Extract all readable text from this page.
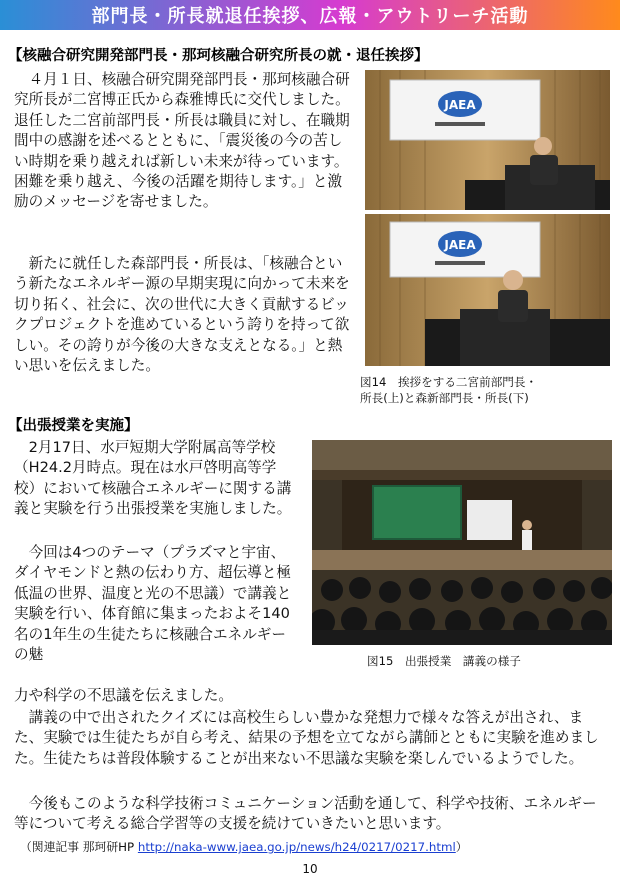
部門長・所長就退任挨拶、広報・アウトリーチ活動
【核融合研究開発部門長・那珂核融合研究所長の就・退任挨拶】
４月１日、核融合研究開発部門長・那珂核融合研究所長が二宮博正氏から森雅博氏に交代しました。退任した二宮前部門長・所長は職員に対し、在職期間中の感謝を述べるとともに、「震災後の今の苦しい時期を乗り越えれば新しい未来が待っています。困難を乗り越え、今後の活躍を期待します。」と激励のメッセージを寄せました。
新たに就任した森部門長・所長は、「核融合という新たなエネルギー源の早期実現に向かって未来を切り拓く、社会に、次の世代に大きく貢献するビックプロジェクトを進めているという誇りを持って欲しい。その誇りが今後の大きな支えとなる。」と熱い思いを伝えました。
JAEA
JAEA
図14　挨拶をする二宮前部門長・
所長(上)と森新部門長・所長(下)
【出張授業を実施】
2月17日、水戸短期大学附属高等学校（H24.2月時点。現在は水戸啓明高等学校）において核融合エネルギーに関する講義と実験を行う出張授業を実施しました。
今回は4つのテーマ（プラズマと宇宙、ダイヤモンドと熱の伝わり方、超伝導と極低温の世界、温度と光の不思議）で講義と実験を行い、体育館に集まったおよそ140名の1年生の生徒たちに核融合エネルギーの魅
力や科学の不思議を伝えました。
講義の中で出されたクイズには高校生らしい豊かな発想力で様々な答えが出され、また、実験では生徒たちが自ら考え、結果の予想を立てながら講師とともに実験を進めました。生徒たちは普段体験することが出来ない不思議な実験を楽しんでいるようでした。
今後もこのような科学技術コミュニケーション活動を通して、科学や技術、エネルギー等について考える総合学習等の支援を続けていきたいと思います。
図15　出張授業　講義の様子
（関連記事 那珂研HP http://naka-www.jaea.go.jp/news/h24/0217/0217.html）
10
